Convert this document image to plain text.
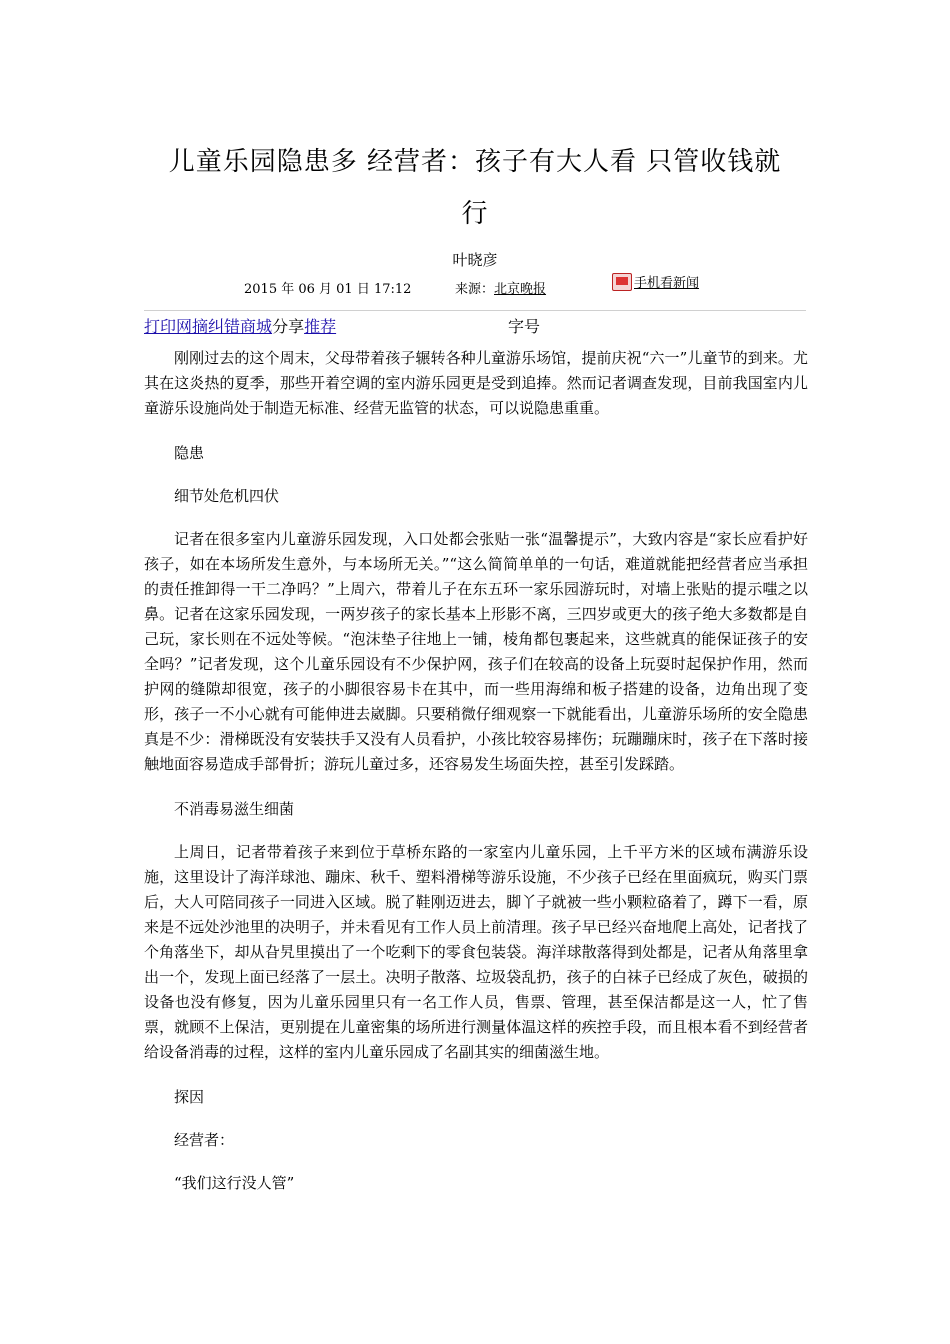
儿童乐园隐患多 经营者：孩子有大人看 只管收钱就
行
叶晓彦
2015 年 06 月 01 日 17:12	来源：北京晚报	手机看新闻
打印网摘纠错商城分享推荐	字号

刚刚过去的这个周末，父母带着孩子辗转各种儿童游乐场馆，提前庆祝“六一”儿童节的到来。尤其在这炎热的夏季，那些开着空调的室内游乐园更是受到追捧。然而记者调查发现，目前我国室内儿童游乐设施尚处于制造无标准、经营无监管的状态，可以说隐患重重。

隐患

细节处危机四伏

记者在很多室内儿童游乐园发现，入口处都会张贴一张“温馨提示”，大致内容是“家长应看护好孩子，如在本场所发生意外，与本场所无关。”“这么简简单单的一句话，难道就能把经营者应当承担的责任推卸得一干二净吗？”上周六，带着儿子在东五环一家乐园游玩时，对墙上张贴的提示嗤之以鼻。记者在这家乐园发现，一两岁孩子的家长基本上形影不离，三四岁或更大的孩子绝大多数都是自己玩，家长则在不远处等候。“泡沫垫子往地上一铺，棱角都包裹起来，这些就真的能保证孩子的安全吗？”记者发现，这个儿童乐园设有不少保护网，孩子们在较高的设备上玩耍时起保护作用，然而护网的缝隙却很宽，孩子的小脚很容易卡在其中，而一些用海绵和板子搭建的设备，边角出现了变形，孩子一不小心就有可能伸进去崴脚。只要稍微仔细观察一下就能看出，儿童游乐场所的安全隐患真是不少：滑梯既没有安装扶手又没有人员看护，小孩比较容易摔伤；玩蹦蹦床时，孩子在下落时接触地面容易造成手部骨折；游玩儿童过多，还容易发生场面失控，甚至引发踩踏。

不消毒易滋生细菌

上周日，记者带着孩子来到位于草桥东路的一家室内儿童乐园，上千平方米的区域布满游乐设施，这里设计了海洋球池、蹦床、秋千、塑料滑梯等游乐设施，不少孩子已经在里面疯玩，购买门票后，大人可陪同孩子一同进入区域。脱了鞋刚迈进去，脚丫子就被一些小颗粒硌着了，蹲下一看，原来是不远处沙池里的决明子，并未看见有工作人员上前清理。孩子早已经兴奋地爬上高处，记者找了个角落坐下，却从旮旯里摸出了一个吃剩下的零食包装袋。海洋球散落得到处都是，记者从角落里拿出一个，发现上面已经落了一层土。决明子散落、垃圾袋乱扔，孩子的白袜子已经成了灰色，破损的设备也没有修复，因为儿童乐园里只有一名工作人员，售票、管理，甚至保洁都是这一人，忙了售票，就顾不上保洁，更别提在儿童密集的场所进行测量体温这样的疾控手段，而且根本看不到经营者给设备消毒的过程，这样的室内儿童乐园成了名副其实的细菌滋生地。

探因

经营者：

“我们这行没人管”
